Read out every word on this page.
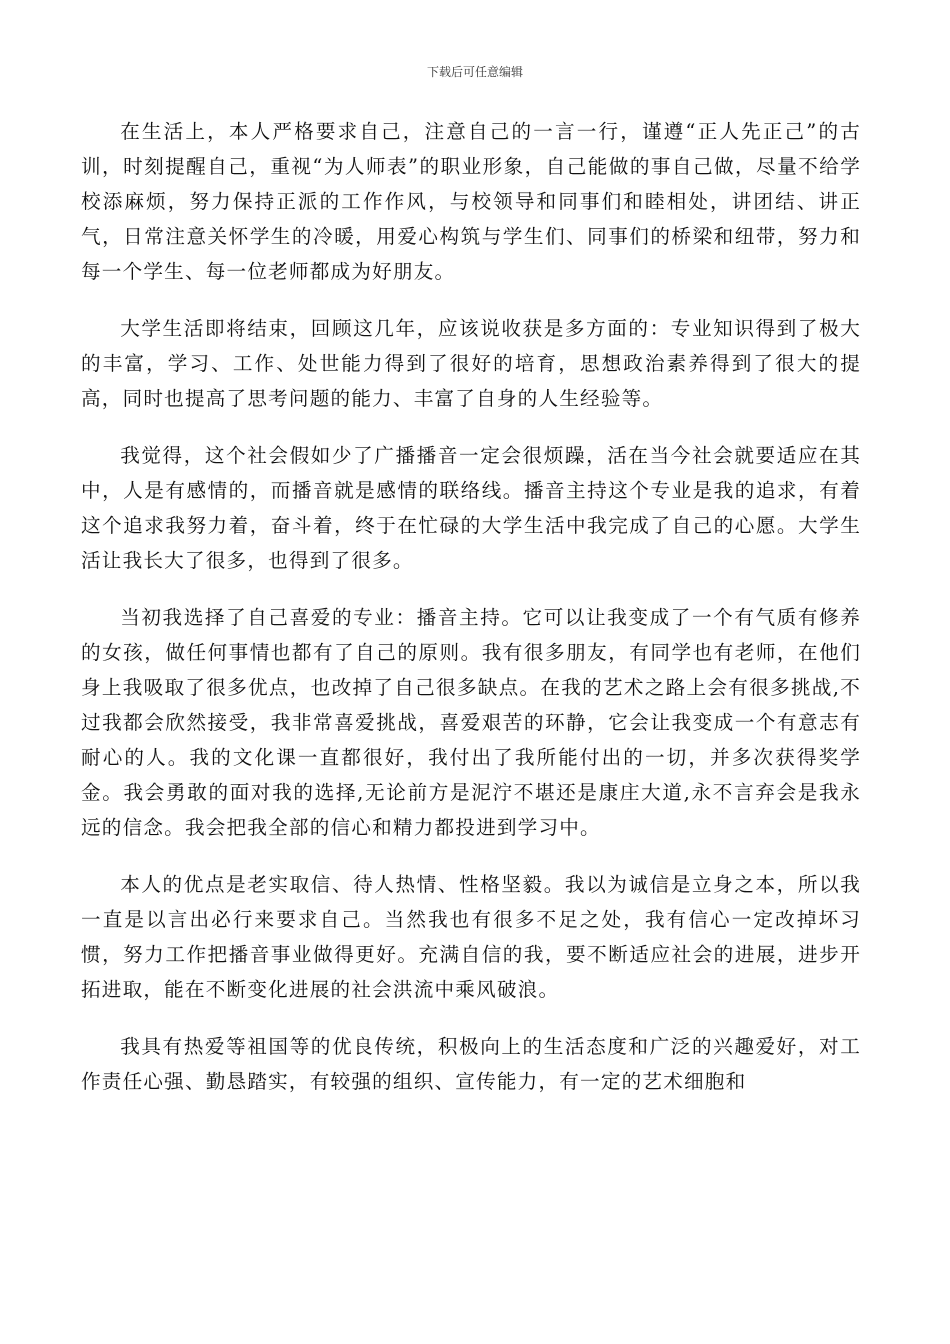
下载后可任意编辑

在生活上，本人严格要求自己，注意自己的一言一行，谨遵“正人先正己”的古训，时刻提醒自己，重视“为人师表”的职业形象，自己能做的事自己做，尽量不给学校添麻烦，努力保持正派的工作作风，与校领导和同事们和睦相处，讲团结、讲正气，日常注意关怀学生的冷暖，用爱心构筑与学生们、同事们的桥梁和纽带，努力和每一个学生、每一位老师都成为好朋友。

大学生活即将结束，回顾这几年，应该说收获是多方面的：专业知识得到了极大的丰富，学习、工作、处世能力得到了很好的培育，思想政治素养得到了很大的提高，同时也提高了思考问题的能力、丰富了自身的人生经验等。

我觉得，这个社会假如少了广播播音一定会很烦躁，活在当今社会就要适应在其中，人是有感情的，而播音就是感情的联络线。播音主持这个专业是我的追求，有着这个追求我努力着，奋斗着，终于在忙碌的大学生活中我完成了自己的心愿。大学生活让我长大了很多，也得到了很多。

当初我选择了自己喜爱的专业：播音主持。它可以让我变成了一个有气质有修养的女孩，做任何事情也都有了自己的原则。我有很多朋友，有同学也有老师，在他们身上我吸取了很多优点，也改掉了自己很多缺点。在我的艺术之路上会有很多挑战,不过我都会欣然接受，我非常喜爱挑战，喜爱艰苦的环静，它会让我变成一个有意志有耐心的人。我的文化课一直都很好，我付出了我所能付出的一切，并多次获得奖学金。我会勇敢的面对我的选择,无论前方是泥泞不堪还是康庄大道,永不言弃会是我永远的信念。我会把我全部的信心和精力都投进到学习中。

本人的优点是老实取信、待人热情、性格坚毅。我以为诚信是立身之本，所以我一直是以言出必行来要求自己。当然我也有很多不足之处，我有信心一定改掉坏习惯，努力工作把播音事业做得更好。充满自信的我，要不断适应社会的进展，进步开拓进取，能在不断变化进展的社会洪流中乘风破浪。

我具有热爱等祖国等的优良传统，积极向上的生活态度和广泛的兴趣爱好，对工作责任心强、勤恳踏实，有较强的组织、宣传能力，有一定的艺术细胞和
